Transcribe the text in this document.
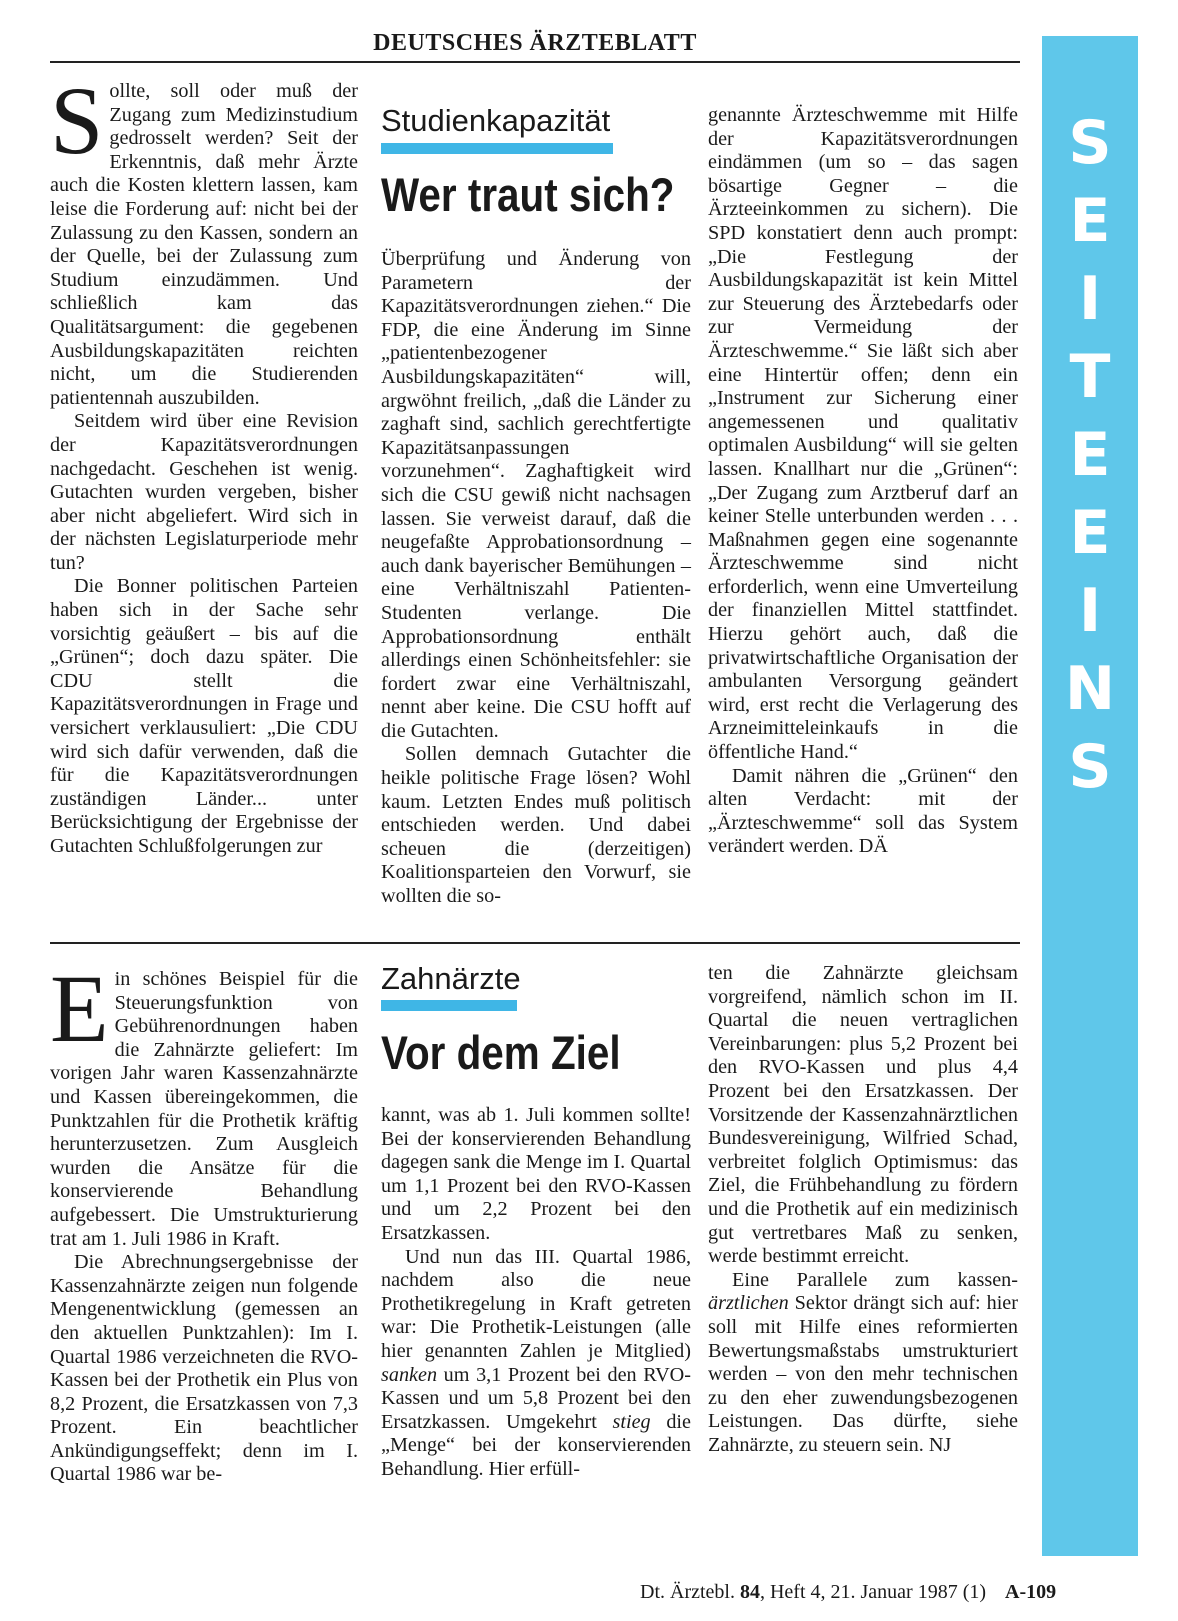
DEUTSCHES ÄRZTEBLATT
S
E
I
T
E
E
I
N
S

Sollte, soll oder muß der Zugang zum Medizinstudium gedrosselt werden? Seit der Erkenntnis, daß mehr Ärzte auch die Kosten klettern lassen, kam leise die Forderung auf: nicht bei der Zulassung zu den Kassen, sondern an der Quelle, bei der Zulassung zum Studium einzudämmen. Und schließlich kam das Qualitätsargument: die gegebenen Ausbildungskapazitäten reichten nicht, um die Studierenden patientennah auszubilden.

Seitdem wird über eine Revision der Kapazitätsverordnungen nachgedacht. Geschehen ist wenig. Gutachten wurden vergeben, bisher aber nicht abgeliefert. Wird sich in der nächsten Legislaturperiode mehr tun?

Die Bonner politischen Parteien haben sich in der Sache sehr vorsichtig geäußert – bis auf die „Grünen“; doch dazu später. Die CDU stellt die Kapazitätsverordnungen in Frage und versichert verklausuliert: „Die CDU wird sich dafür verwenden, daß die für die Kapazitätsverordnungen zuständigen Länder... unter Berücksichtigung der Ergebnisse der Gutachten Schlußfolgerungen zur

Studienkapazität
Wer traut sich?

Überprüfung und Änderung von Parametern der Kapazitätsverordnungen ziehen.“ Die FDP, die eine Änderung im Sinne „patientenbezogener Ausbildungskapazitäten“ will, argwöhnt freilich, „daß die Länder zu zaghaft sind, sachlich gerechtfertigte Kapazitätsanpassungen vorzunehmen“. Zaghaftigkeit wird sich die CSU gewiß nicht nachsagen lassen. Sie verweist darauf, daß die neugefaßte Approbationsordnung – auch dank bayerischer Bemühungen – eine Verhältniszahl Patienten-Studenten verlange. Die Approbationsordnung enthält allerdings einen Schönheitsfehler: sie fordert zwar eine Verhältniszahl, nennt aber keine. Die CSU hofft auf die Gutachten.

Sollen demnach Gutachter die heikle politische Frage lösen? Wohl kaum. Letzten Endes muß politisch entschieden werden. Und dabei scheuen die (derzeitigen) Koalitionsparteien den Vorwurf, sie wollten die so-

genannte Ärzteschwemme mit Hilfe der Kapazitätsverordnungen eindämmen (um so – das sagen bösartige Gegner – die Ärzteeinkommen zu sichern). Die SPD konstatiert denn auch prompt: „Die Festlegung der Ausbildungskapazität ist kein Mittel zur Steuerung des Ärztebedarfs oder zur Vermeidung der Ärzteschwemme.“ Sie läßt sich aber eine Hintertür offen; denn ein „Instrument zur Sicherung einer angemessenen und qualitativ optimalen Ausbildung“ will sie gelten lassen. Knallhart nur die „Grünen“: „Der Zugang zum Arztberuf darf an keiner Stelle unterbunden werden . . . Maßnahmen gegen eine sogenannte Ärzteschwemme sind nicht erforderlich, wenn eine Umverteilung der finanziellen Mittel stattfindet. Hierzu gehört auch, daß die privatwirtschaftliche Organisation der ambulanten Versorgung geändert wird, erst recht die Verlagerung des Arzneimitteleinkaufs in die öffentliche Hand.“

Damit nähren die „Grünen“ den alten Verdacht: mit der „Ärzteschwemme“ soll das System verändert werden. DÄ

Ein schönes Beispiel für die Steuerungsfunktion von Gebührenordnungen haben die Zahnärzte geliefert: Im vorigen Jahr waren Kassenzahnärzte und Kassen übereingekommen, die Punktzahlen für die Prothetik kräftig herunterzusetzen. Zum Ausgleich wurden die Ansätze für die konservierende Behandlung aufgebessert. Die Umstrukturierung trat am 1. Juli 1986 in Kraft.

Die Abrechnungsergebnisse der Kassenzahnärzte zeigen nun folgende Mengenentwicklung (gemessen an den aktuellen Punktzahlen): Im I. Quartal 1986 verzeichneten die RVO-Kassen bei der Prothetik ein Plus von 8,2 Prozent, die Ersatzkassen von 7,3 Prozent. Ein beachtlicher Ankündigungseffekt; denn im I. Quartal 1986 war be-

Zahnärzte
Vor dem Ziel

kannt, was ab 1. Juli kommen sollte! Bei der konservierenden Behandlung dagegen sank die Menge im I. Quartal um 1,1 Prozent bei den RVO-Kassen und um 2,2 Prozent bei den Ersatzkassen.

Und nun das III. Quartal 1986, nachdem also die neue Prothetikregelung in Kraft getreten war: Die Prothetik-Leistungen (alle hier genannten Zahlen je Mitglied) sanken um 3,1 Prozent bei den RVO-Kassen und um 5,8 Prozent bei den Ersatzkassen. Umgekehrt stieg die „Menge“ bei der konservierenden Behandlung. Hier erfüll-

ten die Zahnärzte gleichsam vorgreifend, nämlich schon im II. Quartal die neuen vertraglichen Vereinbarungen: plus 5,2 Prozent bei den RVO-Kassen und plus 4,4 Prozent bei den Ersatzkassen. Der Vorsitzende der Kassenzahnärztlichen Bundesvereinigung, Wilfried Schad, verbreitet folglich Optimismus: das Ziel, die Frühbehandlung zu fördern und die Prothetik auf ein medizinisch gut vertretbares Maß zu senken, werde bestimmt erreicht.

Eine Parallele zum kassen-ärztlichen Sektor drängt sich auf: hier soll mit Hilfe eines reformierten Bewertungsmaßstabs umstrukturiert werden – von den mehr technischen zu den eher zuwendungsbezogenen Leistungen. Das dürfte, siehe Zahnärzte, zu steuern sein. NJ

Dt. Ärztebl. 84, Heft 4, 21. Januar 1987 (1) A-109
